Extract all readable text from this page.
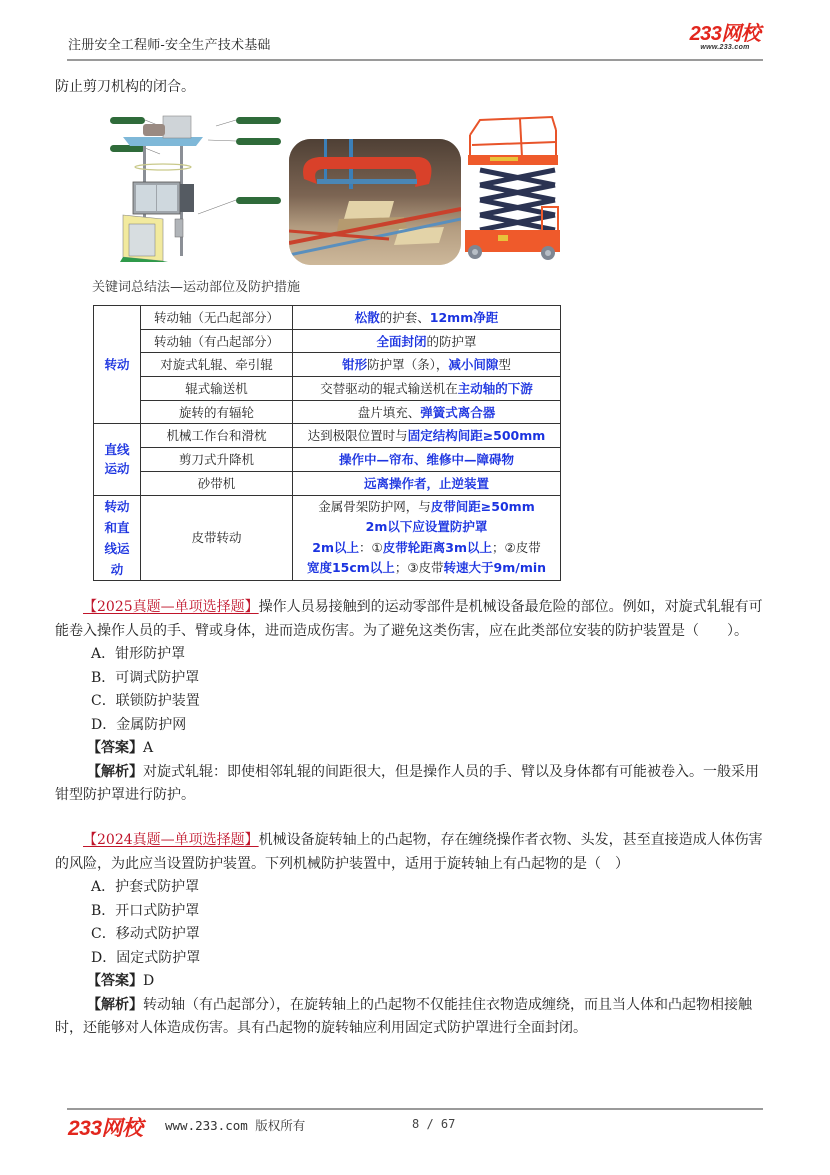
注册安全工程师-安全生产技术基础
233网校
www.233.com
防止剪刀机构的闭合。
关键词总结法—运动部位及防护措施
转动	转动轴（无凸起部分）	松散的护套、12mm净距
	转动轴（有凸起部分）	全面封闭的防护罩
	对旋式轧辊、牵引辊	钳形防护罩（条），减小间隙型
	辊式输送机	交替驱动的辊式输送机在主动轴的下游
	旋转的有辐轮	盘片填充、弹簧式离合器
直线
运动	机械工作台和滑枕	达到极限位置时与固定结构间距≥500mm
	剪刀式升降机	操作中—帘布、维修中—障碍物
	砂带机	远离操作者，止逆装置
转动
和直
线运
动	皮带转动	金属骨架防护网，与皮带间距≥50mm
2m以下应设置防护罩
2m以上：①皮带轮距离3m以上；②皮带
宽度15cm以上；③皮带转速大于9m/min
【2025真题—单项选择题】操作人员易接触到的运动零部件是机械设备最危险的部位。例如，对旋式轧辊有可能卷入操作人员的手、臂或身体，进而造成伤害。为了避免这类伤害，应在此类部位安装的防护装置是（　　）。
A．钳形防护罩
B．可调式防护罩
C．联锁防护装置
D．金属防护网
【答案】A
【解析】对旋式轧辊：即使相邻轧辊的间距很大，但是操作人员的手、臂以及身体都有可能被卷入。一般采用钳型防护罩进行防护。
【2024真题—单项选择题】机械设备旋转轴上的凸起物，存在缠绕操作者衣物、头发，甚至直接造成人体伤害的风险，为此应当设置防护装置。下列机械防护装置中，适用于旋转轴上有凸起物的是（　）
A．护套式防护罩
B．开口式防护罩
C．移动式防护罩
D．固定式防护罩
【答案】D
【解析】转动轴（有凸起部分），在旋转轴上的凸起物不仅能挂住衣物造成缠绕，而且当人体和凸起物相接触时，还能够对人体造成伤害。具有凸起物的旋转轴应利用固定式防护罩进行全面封闭。
233网校 www.233.com 版权所有	8 / 67
